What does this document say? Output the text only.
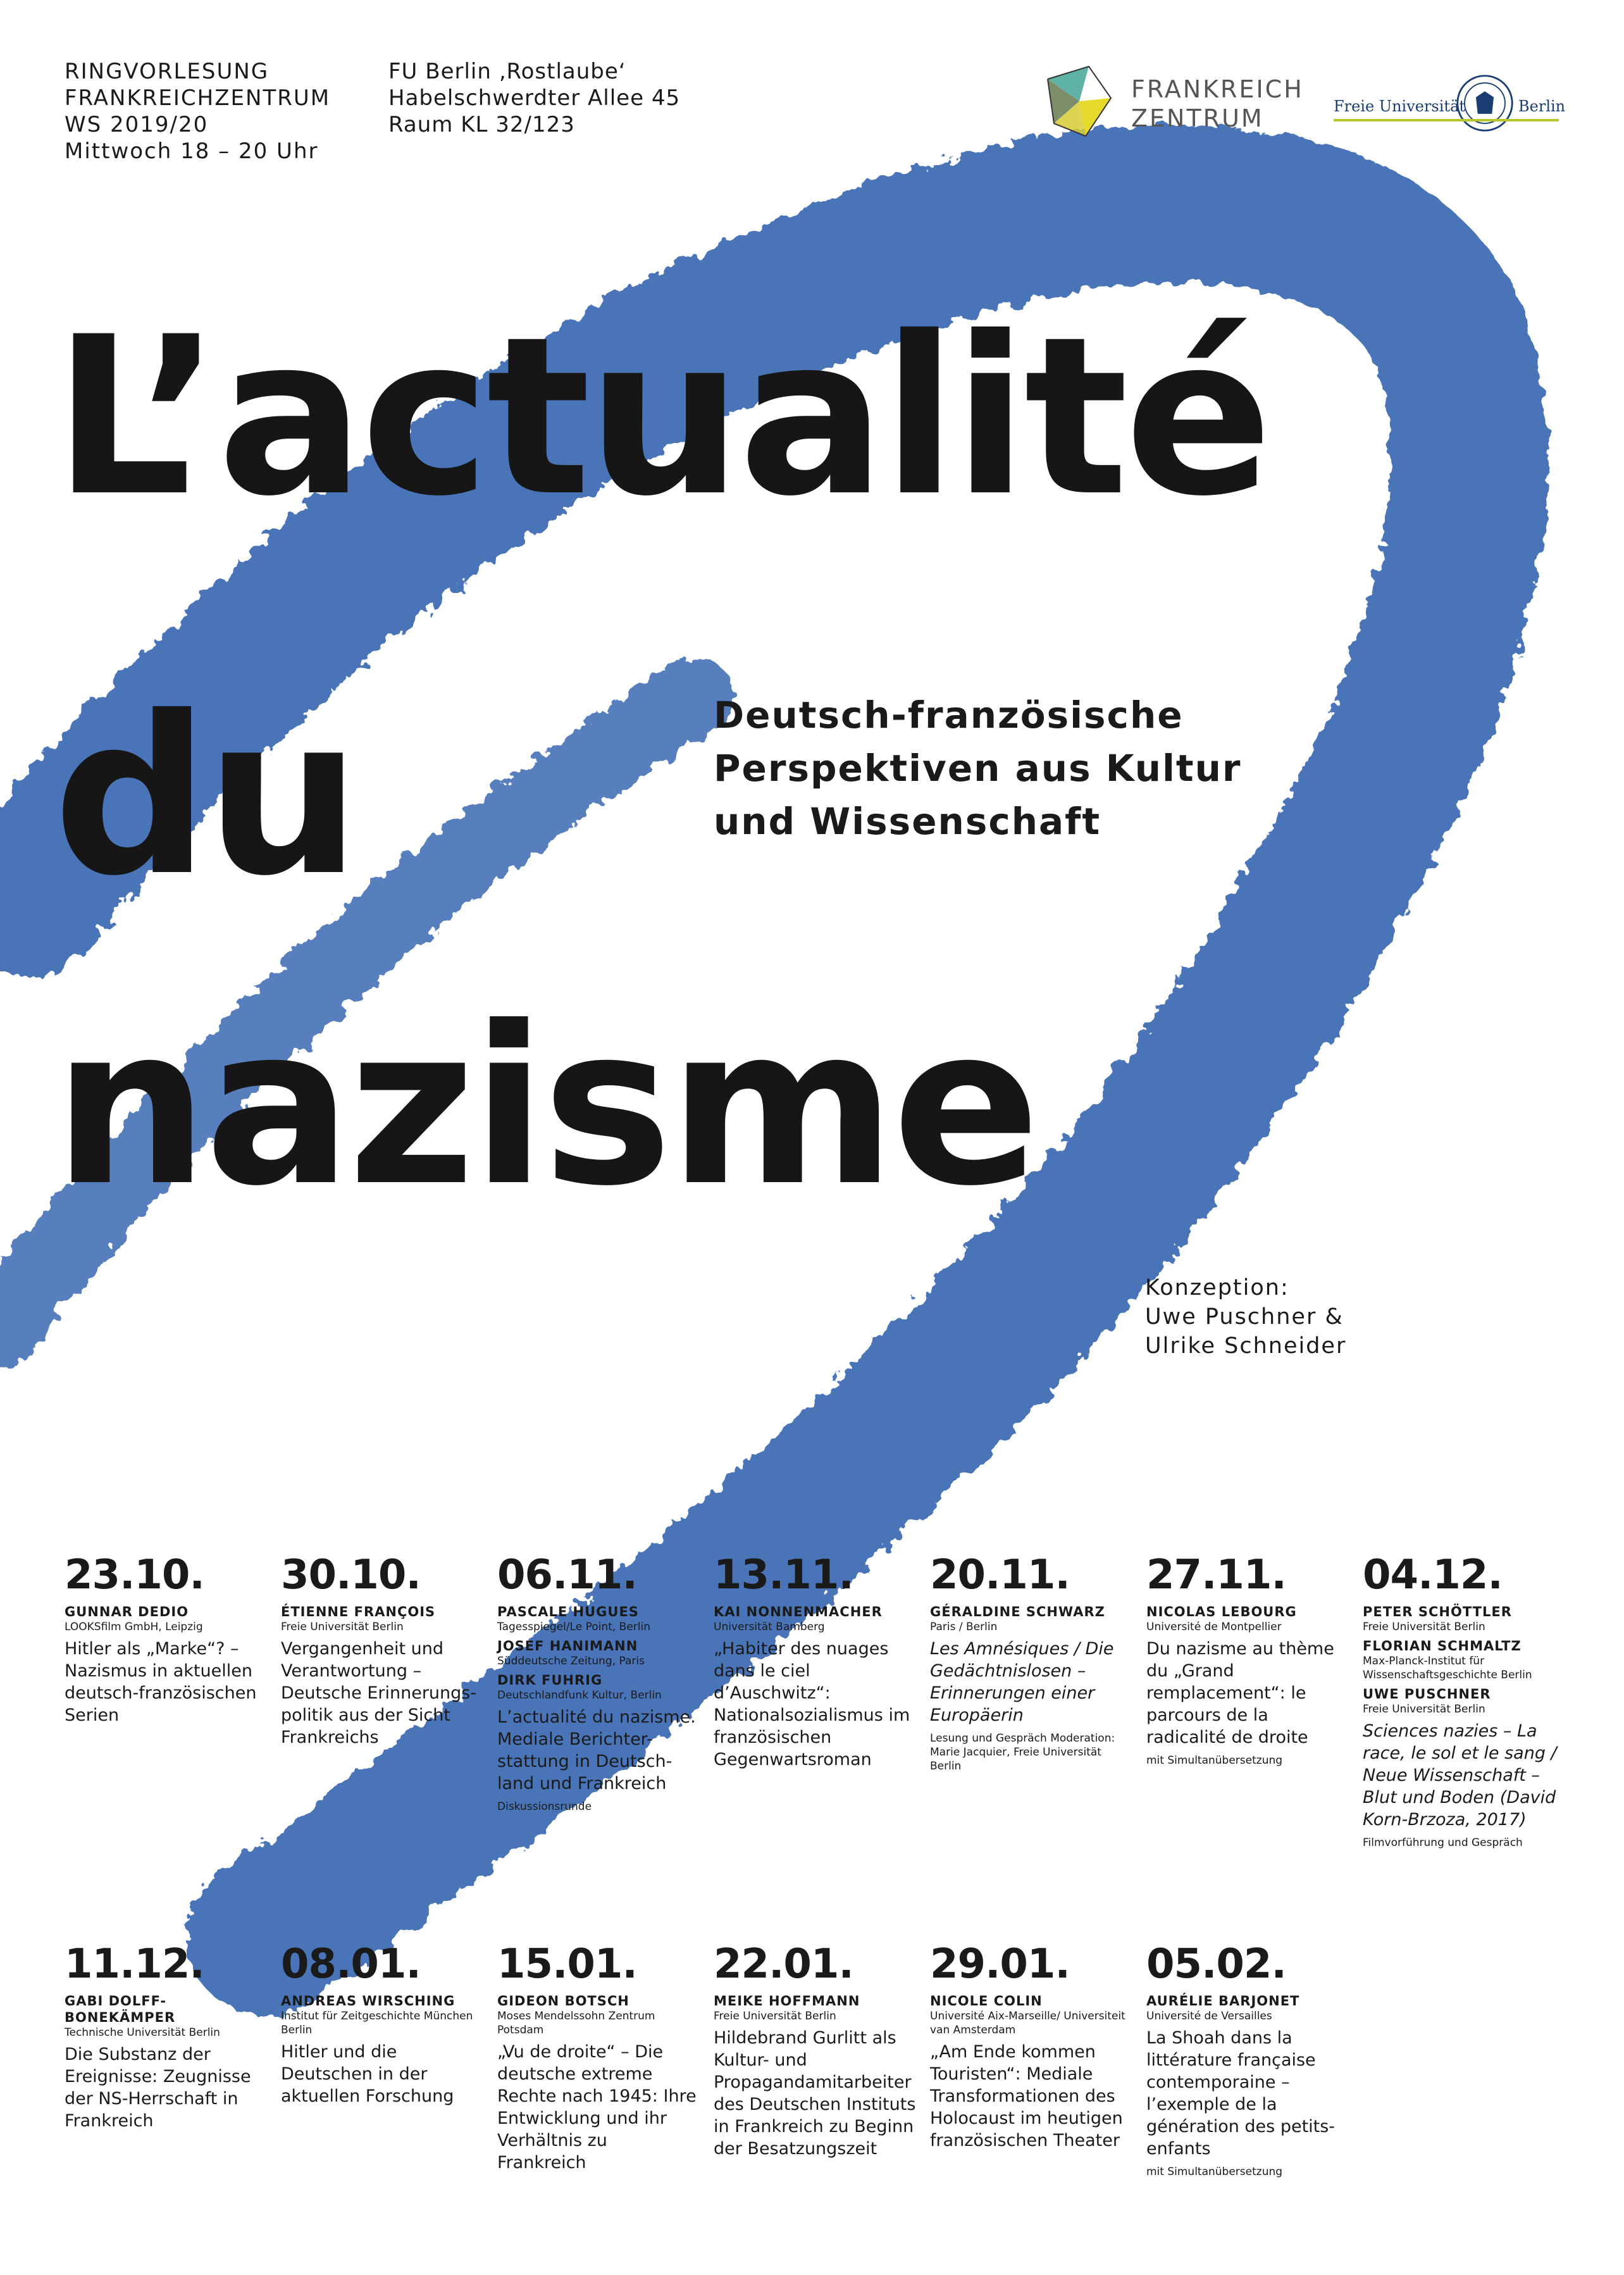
RINGVORLESUNG
FRANKREICHZENTRUM
WS 2019/20
Mittwoch 18 – 20 Uhr
FU Berlin ‚Rostlaube‘
Habelschwerdter Allee 45
Raum KL 32/123
FRANKREICH
ZENTRUM	Freie Universität	Berlin
L’actualité
du
nazisme
Deutsch-französische
Perspektiven aus Kultur
und Wissenschaft
Konzeption:
Uwe Puschner &
Ulrike Schneider
23.10.
GUNNAR DEDIO
LOOKSfilm GmbH, Leipzig
Hitler als „Marke“? – Nazismus in aktuellen deutsch-französischen Serien
30.10.
ÉTIENNE FRANÇOIS
Freie Universität Berlin
Vergangenheit und Verantwortung – Deutsche Erinnerungs-politik aus der Sicht Frankreichs
06.11.
PASCALE HUGUES
Tagesspiegel/Le Point, Berlin
JOSEF HANIMANN
Süddeutsche Zeitung, Paris
DIRK FUHRIG
Deutschlandfunk Kultur, Berlin
L’actualité du nazisme. Mediale Berichter-stattung in Deutsch-land und Frankreich
Diskussionsrunde
13.11.
KAI NONNENMACHER
Universität Bamberg
„Habiter des nuages dans le ciel d’Auschwitz“: Nationalsozialismus im französischen Gegenwartsroman
20.11.
GÉRALDINE SCHWARZ
Paris / Berlin
Les Amnésiques / Die Gedächtnislosen – Erinnerungen einer Europäerin
Lesung und Gespräch Moderation: Marie Jacquier, Freie Universität Berlin
27.11.
NICOLAS LEBOURG
Université de Montpellier
Du nazisme au thème du „Grand remplacement“: le parcours de la radicalité de droite
mit Simultanübersetzung
04.12.
PETER SCHÖTTLER
Freie Universität Berlin
FLORIAN SCHMALTZ
Max-Planck-Institut für Wissenschaftsgeschichte Berlin
UWE PUSCHNER
Freie Universität Berlin
Sciences nazies – La race, le sol et le sang / Neue Wissenschaft – Blut und Boden (David Korn-Brzoza, 2017)
Filmvorführung und Gespräch
11.12.
GABI DOLFF-BONEKÄMPER
Technische Universität Berlin
Die Substanz der Ereignisse: Zeugnisse der NS-Herrschaft in Frankreich
08.01.
ANDREAS WIRSCHING
Institut für Zeitgeschichte München Berlin
Hitler und die Deutschen in der aktuellen Forschung
15.01.
GIDEON BOTSCH
Moses Mendelssohn Zentrum Potsdam
„Vu de droite“ – Die deutsche extreme Rechte nach 1945: Ihre Entwicklung und ihr Verhältnis zu Frankreich
22.01.
MEIKE HOFFMANN
Freie Universität Berlin
Hildebrand Gurlitt als Kultur- und Propagandamitarbeiter des Deutschen Instituts in Frankreich zu Beginn der Besatzungszeit
29.01.
NICOLE COLIN
Université Aix-Marseille/ Universiteit van Amsterdam
„Am Ende kommen Touristen“: Mediale Transformationen des Holocaust im heutigen französischen Theater
05.02.
AURÉLIE BARJONET
Université de Versailles
La Shoah dans la littérature française contemporaine – l’exemple de la génération des petits-enfants
mit Simultanübersetzung
